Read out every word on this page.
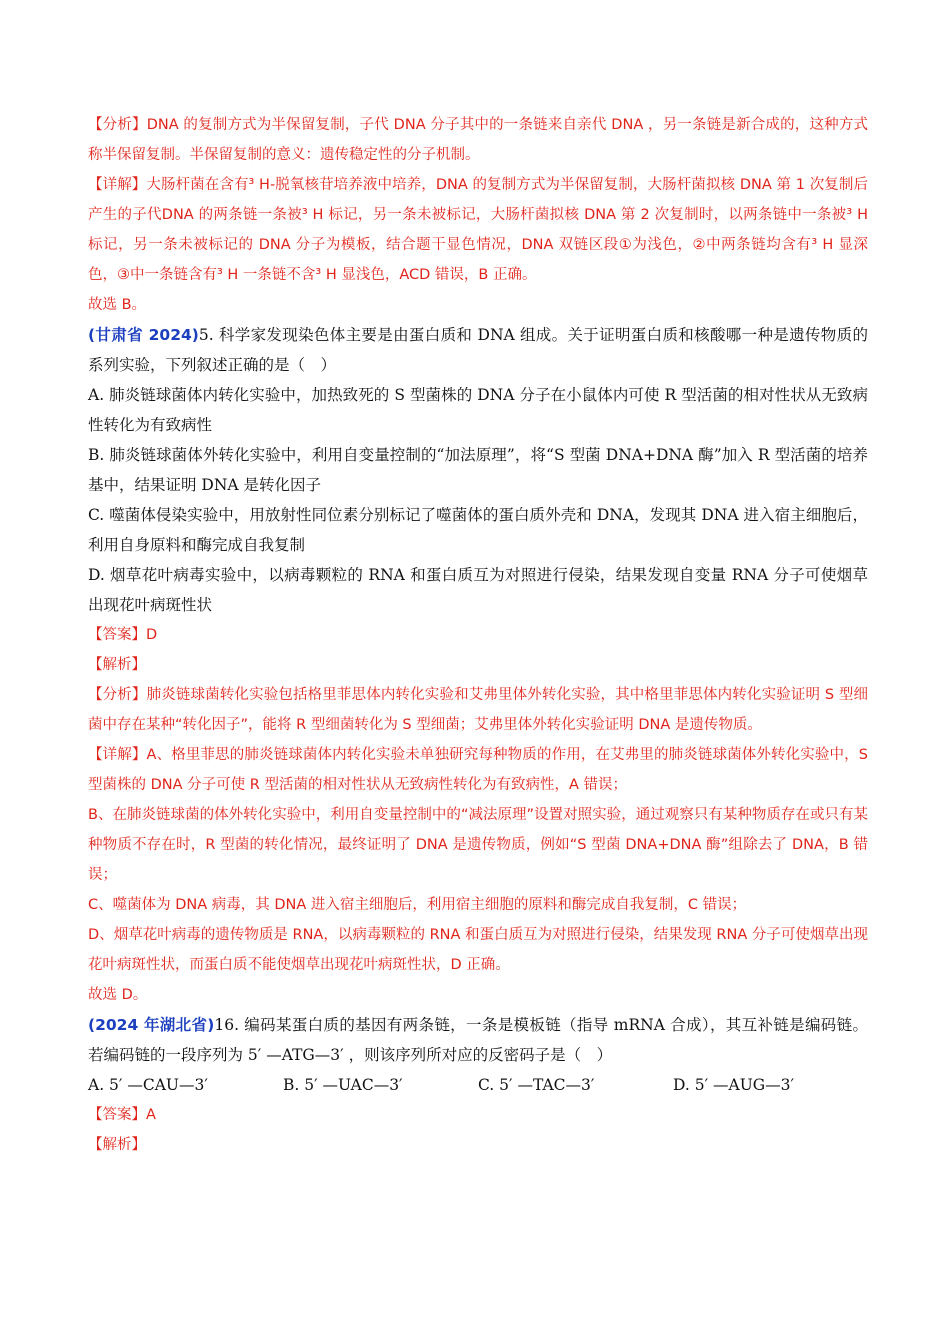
【分析】DNA 的复制方式为半保留复制，子代 DNA 分子其中的一条链来自亲代 DNA ，另一条链是新合成的，这种方式称半保留复制。半保留复制的意义：遗传稳定性的分子机制。

【详解】大肠杆菌在含有³ H-脱氧核苷培养液中培养，DNA 的复制方式为半保留复制，大肠杆菌拟核 DNA 第 1 次复制后产生的子代DNA 的两条链一条被³ H 标记，另一条未被标记，大肠杆菌拟核 DNA 第 2 次复制时，以两条链中一条被³ H 标记，另一条未被标记的 DNA 分子为模板，结合题干显色情况，DNA 双链区段①为浅色，②中两条链均含有³ H 显深色，③中一条链含有³ H 一条链不含³ H 显浅色，ACD 错误，B 正确。

故选 B。

(甘肃省 2024)5. 科学家发现染色体主要是由蛋白质和 DNA 组成。关于证明蛋白质和核酸哪一种是遗传物质的系列实验，下列叙述正确的是（　）

A. 肺炎链球菌体内转化实验中，加热致死的 S 型菌株的 DNA 分子在小鼠体内可使 R 型活菌的相对性状从无致病性转化为有致病性

B. 肺炎链球菌体外转化实验中，利用自变量控制的“加法原理”，将“S 型菌 DNA+DNA 酶”加入 R 型活菌的培养基中，结果证明 DNA 是转化因子

C. 噬菌体侵染实验中，用放射性同位素分别标记了噬菌体的蛋白质外壳和 DNA，发现其 DNA 进入宿主细胞后，利用自身原料和酶完成自我复制

D. 烟草花叶病毒实验中，以病毒颗粒的 RNA 和蛋白质互为对照进行侵染，结果发现自变量 RNA 分子可使烟草出现花叶病斑性状

【答案】D

【解析】

【分析】肺炎链球菌转化实验包括格里菲思体内转化实验和艾弗里体外转化实验，其中格里菲思体内转化实验证明 S 型细菌中存在某种“转化因子”，能将 R 型细菌转化为 S 型细菌；艾弗里体外转化实验证明 DNA 是遗传物质。

【详解】A、格里菲思的肺炎链球菌体内转化实验未单独研究每种物质的作用，在艾弗里的肺炎链球菌体外转化实验中，S 型菌株的 DNA 分子可使 R 型活菌的相对性状从无致病性转化为有致病性，A 错误；

B、在肺炎链球菌的体外转化实验中，利用自变量控制中的“减法原理”设置对照实验，通过观察只有某种物质存在或只有某种物质不存在时，R 型菌的转化情况，最终证明了 DNA 是遗传物质，例如“S 型菌 DNA+DNA 酶”组除去了 DNA，B 错误；

C、噬菌体为 DNA 病毒，其 DNA 进入宿主细胞后，利用宿主细胞的原料和酶完成自我复制，C 错误；

D、烟草花叶病毒的遗传物质是 RNA，以病毒颗粒的 RNA 和蛋白质互为对照进行侵染，结果发现 RNA 分子可使烟草出现花叶病斑性状，而蛋白质不能使烟草出现花叶病斑性状，D 正确。

故选 D。

(2024 年湖北省)16. 编码某蛋白质的基因有两条链，一条是模板链（指导 mRNA 合成），其互补链是编码链。若编码链的一段序列为 5′ —ATG—3′ ，则该序列所对应的反密码子是（　）

A. 5′ —CAU—3′	B. 5′ —UAC—3′	C. 5′ —TAC—3′	D. 5′ —AUG—3′

【答案】A

【解析】
